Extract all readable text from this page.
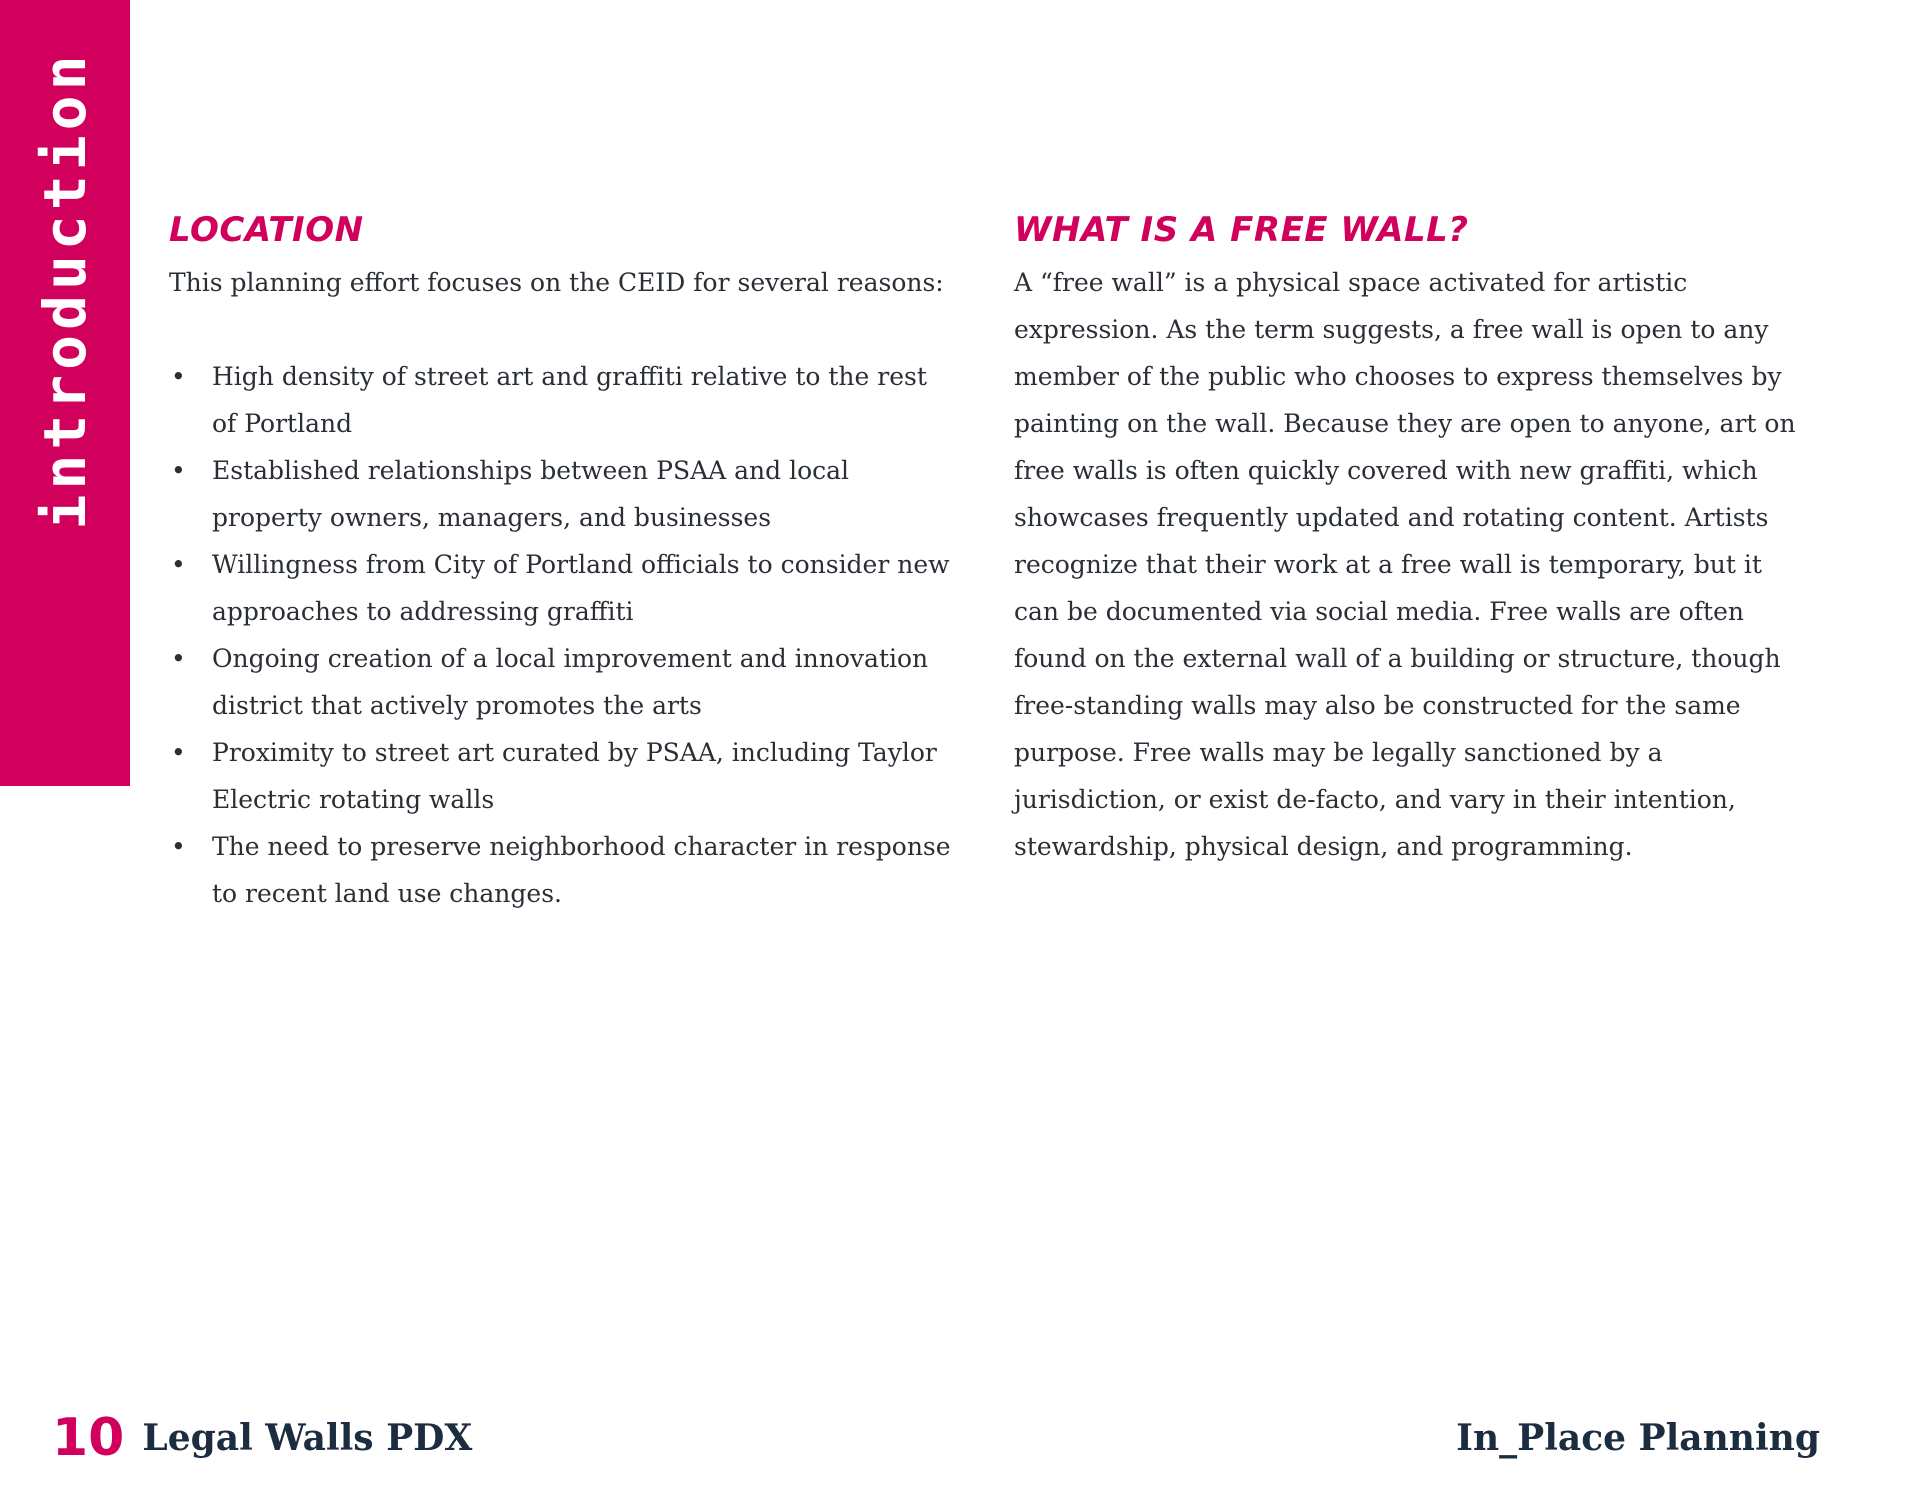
introduction LOCATION

This planning effort focuses on the CEID for several reasons:

• High density of street art and graffiti relative to the rest of Portland
• Established relationships between PSAA and local property owners, managers, and businesses
• Willingness from City of Portland officials to consider new approaches to addressing graffiti
• Ongoing creation of a local improvement and innovation district that actively promotes the arts
• Proximity to street art curated by PSAA, including Taylor Electric rotating walls
• The need to preserve neighborhood character in response to recent land use changes.
WHAT IS A FREE WALL?

A “free wall” is a physical space activated for artistic expression. As the term suggests, a free wall is open to any member of the public who chooses to express themselves by painting on the wall. Because they are open to anyone, art on free walls is often quickly covered with new graffiti, which showcases frequently updated and rotating content. Artists recognize that their work at a free wall is temporary, but it can be documented via social media. Free walls are often found on the external wall of a building or structure, though free-standing walls may also be constructed for the same purpose. Free walls may be legally sanctioned by a jurisdiction, or exist de-facto, and vary in their intention, stewardship, physical design, and programming.

10 Legal Walls PDX	In_Place Planning
